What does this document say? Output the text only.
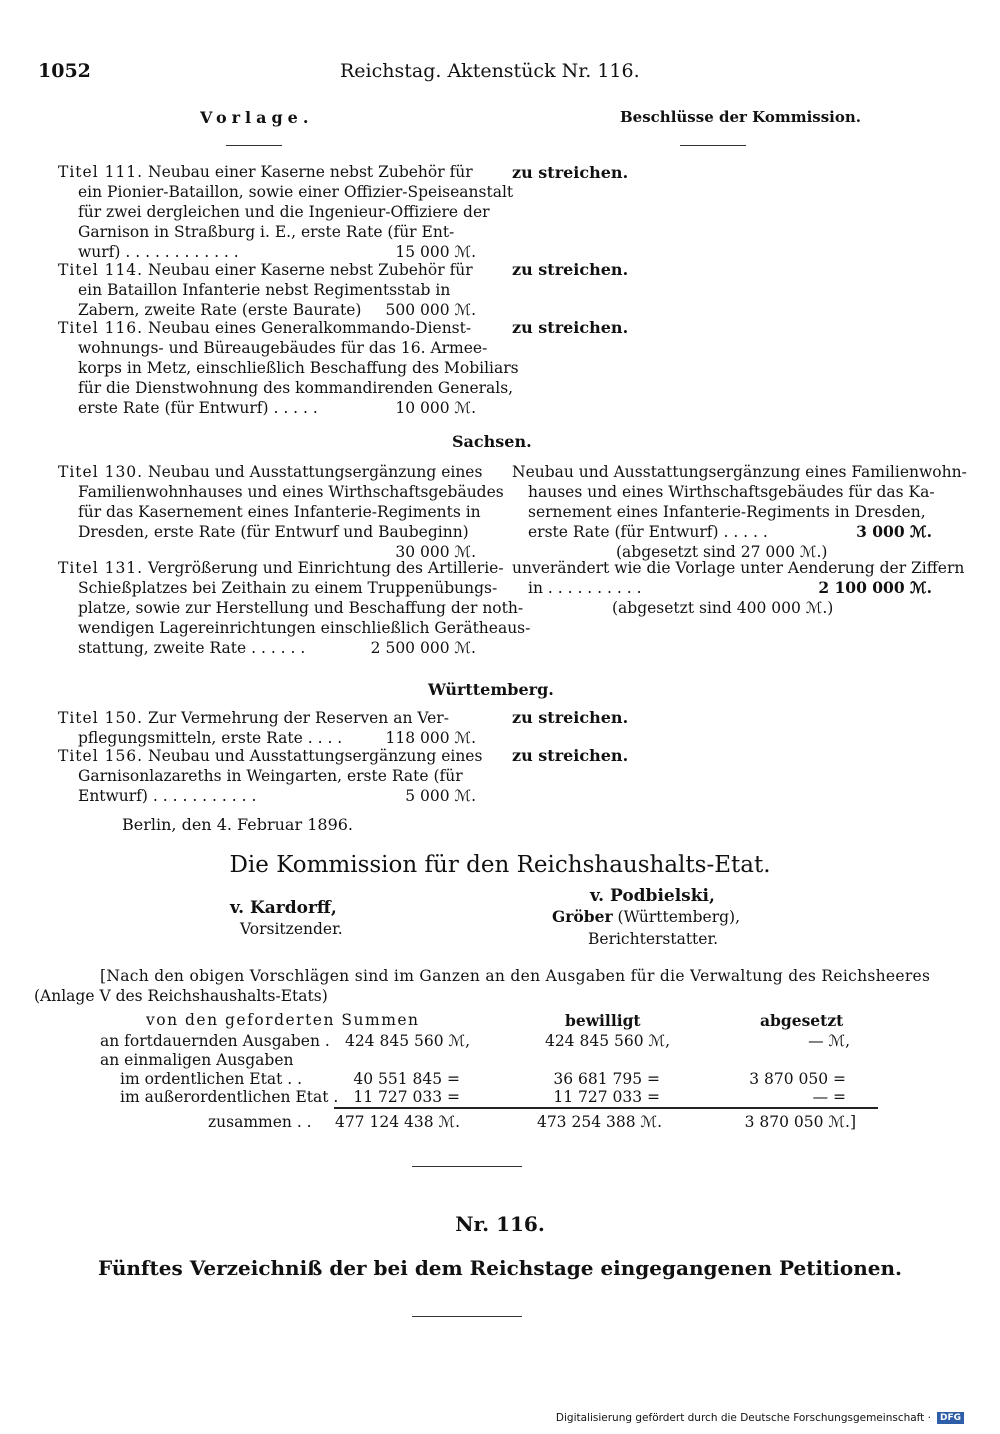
1052	Reichstag. Aktenstück Nr. 116.
Vorlage.	Beschlüsse der Kommission.
Titel 111. Neubau einer Kaserne nebst Zubehör für
ein Pionier-Bataillon, sowie einer Offizier-Speiseanstalt
für zwei dergleichen und die Ingenieur-Offiziere der
Garnison in Straßburg i. E., erste Rate (für Ent-
wurf) . . . . . . . . . . . .	15 000 ℳ.
zu streichen.
Titel 114. Neubau einer Kaserne nebst Zubehör für
ein Bataillon Infanterie nebst Regimentsstab in
Zabern, zweite Rate (erste Baurate) 500 000 ℳ.
zu streichen.
Titel 116. Neubau eines Generalkommando-Dienst-
wohnungs- und Büreaugebäudes für das 16. Armee-
korps in Metz, einschließlich Beschaffung des Mobiliars
für die Dienstwohnung des kommandirenden Generals,
erste Rate (für Entwurf) . . . . .	10 000 ℳ.
zu streichen.
Sachsen.
Titel 130. Neubau und Ausstattungsergänzung eines
Familienwohnhauses und eines Wirthschaftsgebäudes
für das Kasernement eines Infanterie-Regiments in
Dresden, erste Rate (für Entwurf und Baubeginn)
30 000 ℳ.
Neubau und Ausstattungsergänzung eines Familienwohn-
hauses und eines Wirthschaftsgebäudes für das Ka-
sernement eines Infanterie-Regiments in Dresden,
erste Rate (für Entwurf) . . . . .	3 000 ℳ.
(abgesetzt sind 27 000 ℳ.)
Titel 131. Vergrößerung und Einrichtung des Artillerie-
Schießplatzes bei Zeithain zu einem Truppenübungs-
platze, sowie zur Herstellung und Beschaffung der noth-
wendigen Lagereinrichtungen einschließlich Gerätheaus-
stattung, zweite Rate . . . . . .	2 500 000 ℳ.
unverändert wie die Vorlage unter Aenderung der Ziffern
in . . . . . . . . . .	2 100 000 ℳ.
(abgesetzt sind 400 000 ℳ.)
Württemberg.
Titel 150. Zur Vermehrung der Reserven an Ver-
pflegungsmitteln, erste Rate . . . .	118 000 ℳ.
zu streichen.
Titel 156. Neubau und Ausstattungsergänzung eines
Garnisonlazareths in Weingarten, erste Rate (für
Entwurf) . . . . . . . . . . .	5 000 ℳ.
zu streichen.
Berlin, den 4. Februar 1896.
Die Kommission für den Reichshaushalts-Etat.
v. Kardorff,
Vorsitzender.
v. Podbielski,
Gröber (Württemberg),
Berichterstatter.
[Nach den obigen Vorschlägen sind im Ganzen an den Ausgaben für die Verwaltung des Reichsheeres
(Anlage V des Reichshaushalts-Etats)
von den geforderten Summen	bewilligt	abgesetzt
an fortdauernden Ausgaben . 424 845 560 ℳ,	424 845 560 ℳ,	— ℳ,
an einmaligen Ausgaben
im ordentlichen Etat . .	40 551 845 =	36 681 795 =	3 870 050 =
im außerordentlichen Etat . 11 727 033 =	11 727 033 =	— =
zusammen . .	477 124 438 ℳ.	473 254 388 ℳ.	3 870 050 ℳ.]
Nr. 116.
Fünftes Verzeichniß der bei dem Reichstage eingegangenen Petitionen.
Digitalisierung gefördert durch die Deutsche Forschungsgemeinschaft ·	DFG
